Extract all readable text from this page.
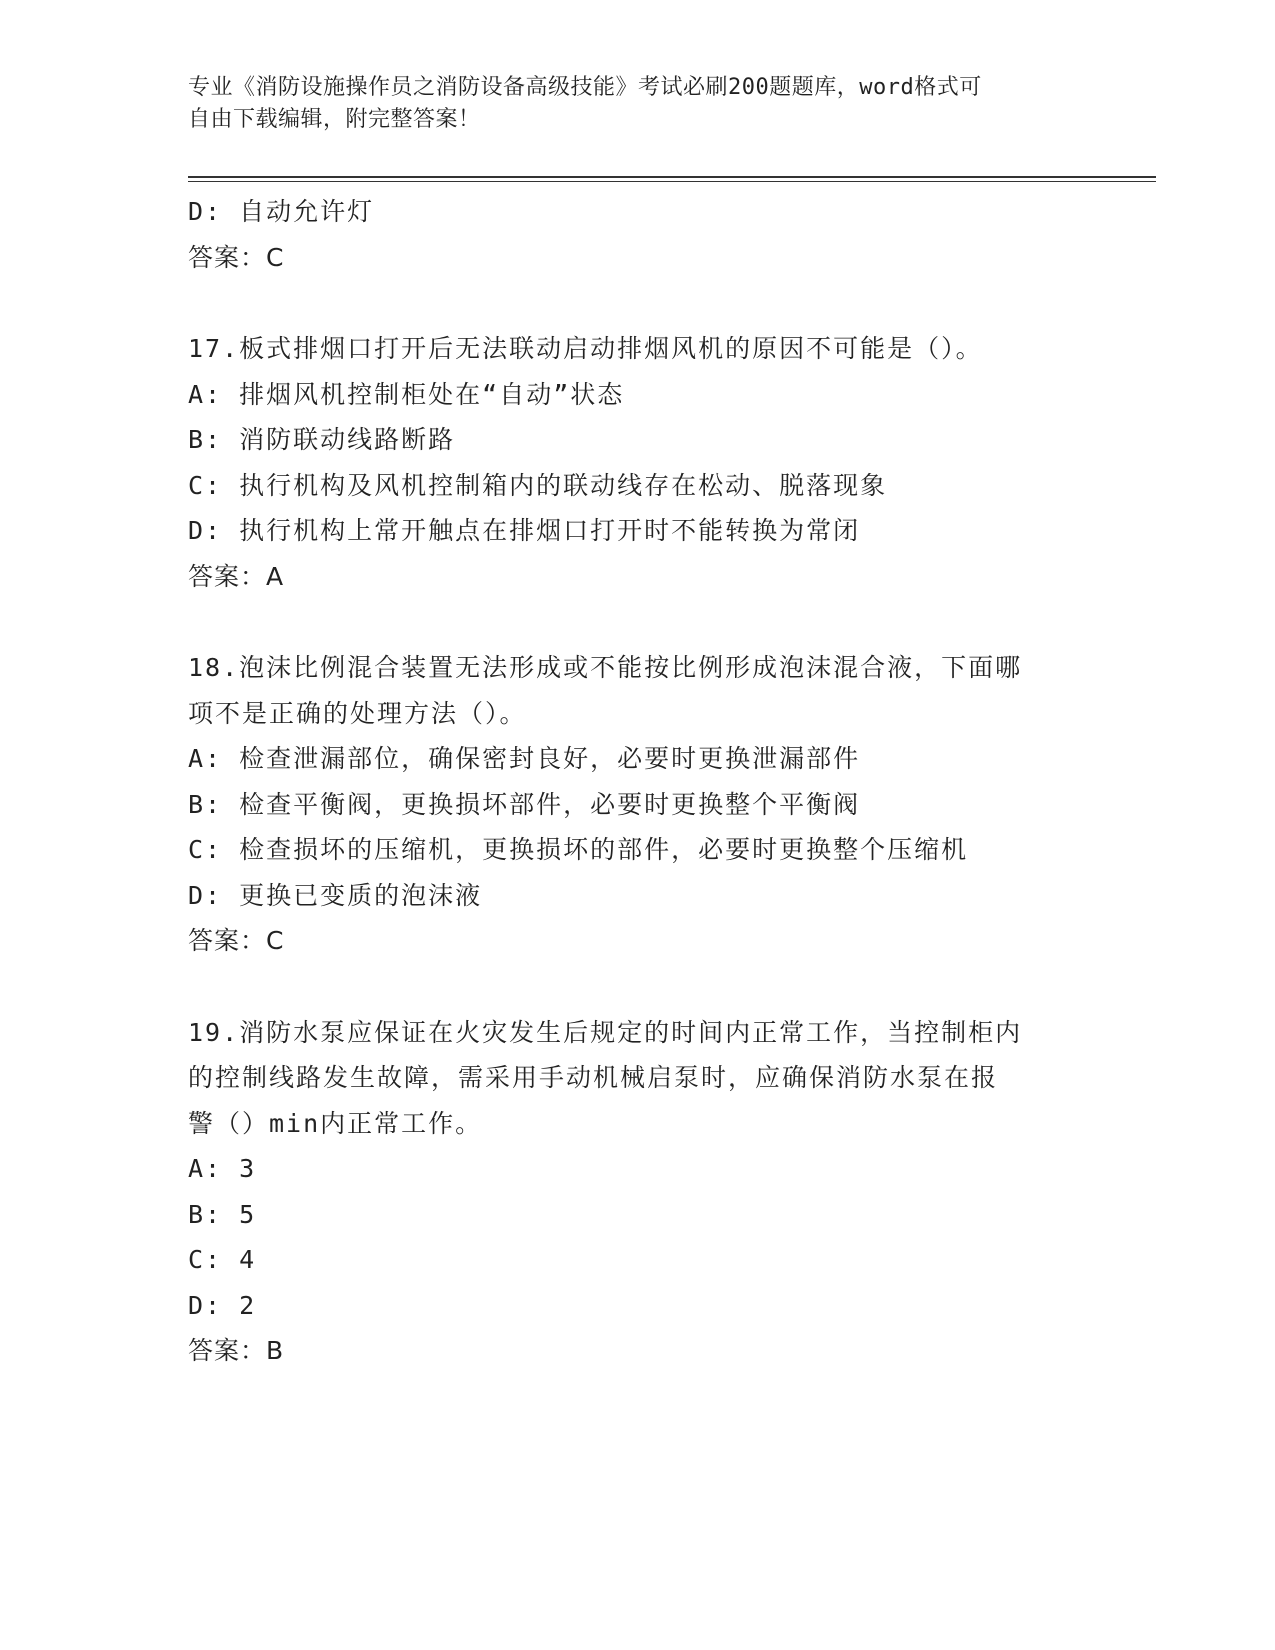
专业《消防设施操作员之消防设备高级技能》考试必刷200题题库，word格式可
自由下载编辑，附完整答案！
D: 自动允许灯
答案：C
17.板式排烟口打开后无法联动启动排烟风机的原因不可能是（）。
A: 排烟风机控制柜处在“自动”状态
B: 消防联动线路断路
C: 执行机构及风机控制箱内的联动线存在松动、脱落现象
D: 执行机构上常开触点在排烟口打开时不能转换为常闭
答案：A
18.泡沫比例混合装置无法形成或不能按比例形成泡沫混合液，下面哪
项不是正确的处理方法（）。
A: 检查泄漏部位，确保密封良好，必要时更换泄漏部件
B: 检查平衡阀，更换损坏部件，必要时更换整个平衡阀
C: 检查损坏的压缩机，更换损坏的部件，必要时更换整个压缩机
D: 更换已变质的泡沫液
答案：C
19.消防水泵应保证在火灾发生后规定的时间内正常工作，当控制柜内
的控制线路发生故障，需采用手动机械启泵时，应确保消防水泵在报
警（）min内正常工作。
A: 3
B: 5
C: 4
D: 2
答案：B
